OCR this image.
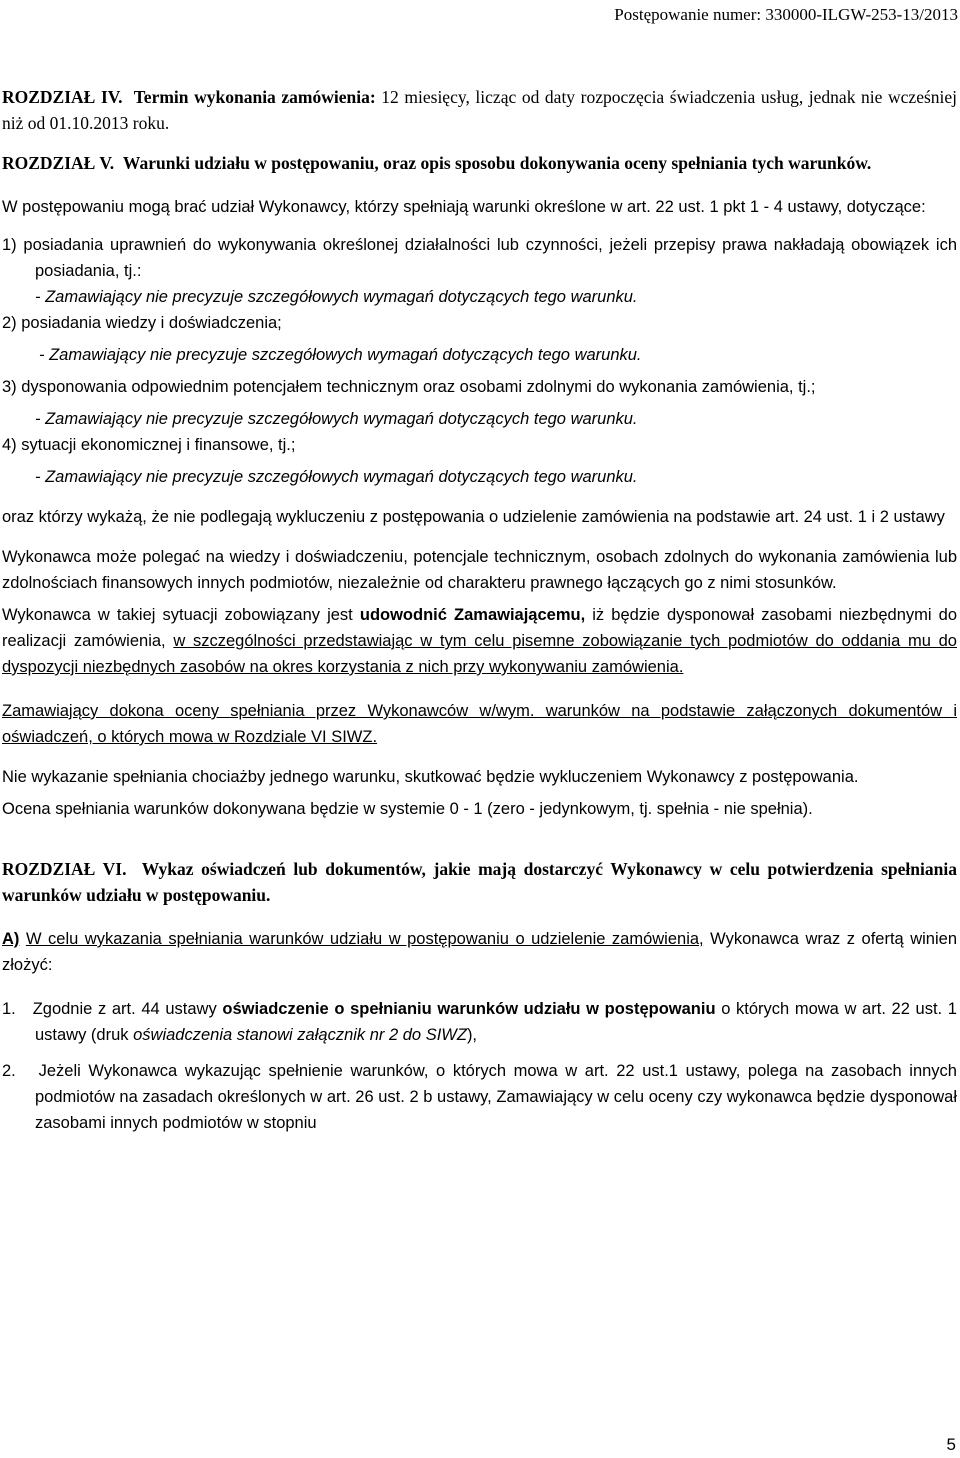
Postępowanie numer: 330000-ILGW-253-13/2013

ROZDZIAŁ IV. Termin wykonania zamówienia: 12 miesięcy, licząc od daty rozpoczęcia świadczenia usług, jednak nie wcześniej niż od 01.10.2013 roku.

ROZDZIAŁ V. Warunki udziału w postępowaniu, oraz opis sposobu dokonywania oceny spełniania tych warunków.

W postępowaniu mogą brać udział Wykonawcy, którzy spełniają warunki określone w art. 22 ust. 1 pkt 1 - 4 ustawy, dotyczące:

1) posiadania uprawnień do wykonywania określonej działalności lub czynności, jeżeli przepisy prawa nakładają obowiązek ich posiadania, tj.:

- Zamawiający nie precyzuje szczegółowych wymagań dotyczących tego warunku.

2) posiadania wiedzy i doświadczenia;

- Zamawiający nie precyzuje szczegółowych wymagań dotyczących tego warunku.

3) dysponowania odpowiednim potencjałem technicznym oraz osobami zdolnymi do wykonania zamówienia, tj.;

- Zamawiający nie precyzuje szczegółowych wymagań dotyczących tego warunku.

4) sytuacji ekonomicznej i finansowe, tj.;

- Zamawiający nie precyzuje szczegółowych wymagań dotyczących tego warunku.

oraz którzy wykażą, że nie podlegają wykluczeniu z postępowania o udzielenie zamówienia na podstawie art. 24 ust. 1 i 2 ustawy

Wykonawca może polegać na wiedzy i doświadczeniu, potencjale technicznym, osobach zdolnych do wykonania zamówienia lub zdolnościach finansowych innych podmiotów, niezależnie od charakteru prawnego łączących go z nimi stosunków.

Wykonawca w takiej sytuacji zobowiązany jest udowodnić Zamawiającemu, iż będzie dysponował zasobami niezbędnymi do realizacji zamówienia, w szczególności przedstawiając w tym celu pisemne zobowiązanie tych podmiotów do oddania mu do dyspozycji niezbędnych zasobów na okres korzystania z nich przy wykonywaniu zamówienia.

Zamawiający dokona oceny spełniania przez Wykonawców w/wym. warunków na podstawie załączonych dokumentów i oświadczeń, o których mowa w Rozdziale VI SIWZ.

Nie wykazanie spełniania chociażby jednego warunku, skutkować będzie wykluczeniem Wykonawcy z postępowania.

Ocena spełniania warunków dokonywana będzie w systemie 0 - 1 (zero - jedynkowym, tj. spełnia - nie spełnia).

ROZDZIAŁ VI. Wykaz oświadczeń lub dokumentów, jakie mają dostarczyć Wykonawcy w celu potwierdzenia spełniania warunków udziału w postępowaniu.

A) W celu wykazania spełniania warunków udziału w postępowaniu o udzielenie zamówienia, Wykonawca wraz z ofertą winien złożyć:

1. Zgodnie z art. 44 ustawy oświadczenie o spełnianiu warunków udziału w postępowaniu o których mowa w art. 22 ust. 1 ustawy (druk oświadczenia stanowi załącznik nr 2 do SIWZ),

2. Jeżeli Wykonawca wykazując spełnienie warunków, o których mowa w art. 22 ust.1 ustawy, polega na zasobach innych podmiotów na zasadach określonych w art. 26 ust. 2 b ustawy, Zamawiający w celu oceny czy wykonawca będzie dysponował zasobami innych podmiotów w stopniu

5
